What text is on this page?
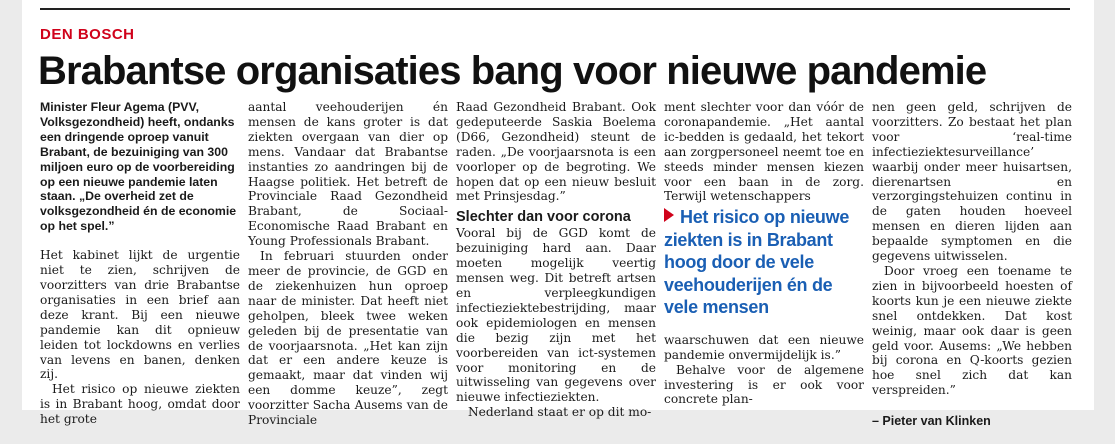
DEN BOSCH
Brabantse organisaties bang voor nieuwe pandemie

Minister Fleur Agema (PVV, Volksgezondheid) heeft, ondanks een dringende oproep vanuit Brabant, de bezuiniging van 300 miljoen euro op de voorbereiding op een nieuwe pandemie laten staan. „De overheid zet de volksgezondheid én de economie op het spel.”

Het kabinet lijkt de urgentie niet te zien, schrijven de voorzitters van drie Brabantse organisaties in een brief aan deze krant. Bij een nieuwe pandemie kan dit opnieuw leiden tot lockdowns en verlies van levens en banen, denken zij.

Het risico op nieuwe ziekten is in Brabant hoog, omdat door het grote

aantal veehouderijen én mensen de kans groter is dat ziekten overgaan van dier op mens. Vandaar dat Brabantse instanties zo aandringen bij de Haagse politiek. Het betreft de Provinciale Raad Gezondheid Brabant, de Sociaal-Economische Raad Brabant en Young Professionals Brabant.

In februari stuurden onder meer de provincie, de GGD en de ziekenhuizen hun oproep naar de minister. Dat heeft niet geholpen, bleek twee weken geleden bij de presentatie van de voorjaarsnota. „Het kan zijn dat er een andere keuze is gemaakt, maar dat vinden wij een domme keuze”, zegt voorzitter Sacha Ausems van de Provinciale

Raad Gezondheid Brabant. Ook gedeputeerde Saskia Boelema (D66, Gezondheid) steunt de raden. „De voorjaarsnota is een voorloper op de begroting. We hopen dat op een nieuw besluit met Prinsjesdag.”

Slechter dan voor corona

Vooral bij de GGD komt de bezuiniging hard aan. Daar moeten mogelijk veertig mensen weg. Dit betreft artsen en verpleegkundigen infectieziektebestrijding, maar ook epidemiologen en mensen die bezig zijn met het voorbereiden van ict-systemen voor monitoring en de uitwisseling van gegevens over nieuwe infectieziekten.

Nederland staat er op dit mo-

ment slechter voor dan vóór de coronapandemie. „Het aantal ic-bedden is gedaald, het tekort aan zorgpersoneel neemt toe en steeds minder mensen kiezen voor een baan in de zorg. Terwijl wetenschappers

Het risico op nieuwe ziekten is in Brabant hoog door de vele veehouderijen én de vele mensen

waarschuwen dat een nieuwe pandemie onvermijdelijk is.”

Behalve voor de algemene investering is er ook voor concrete plan-

nen geen geld, schrijven de voorzitters. Zo bestaat het plan voor ‘real-time infectieziektesurveillance’ waarbij onder meer huisartsen, dierenartsen en verzorgingstehuizen continu in de gaten houden hoeveel mensen en dieren lijden aan bepaalde symptomen en die gegevens uitwisselen.

Door vroeg een toename te zien in bijvoorbeeld hoesten of koorts kun je een nieuwe ziekte snel ontdekken. Dat kost weinig, maar ook daar is geen geld voor. Ausems: „We hebben bij corona en Q-koorts gezien hoe snel zich dat kan verspreiden.”

– Pieter van Klinken
